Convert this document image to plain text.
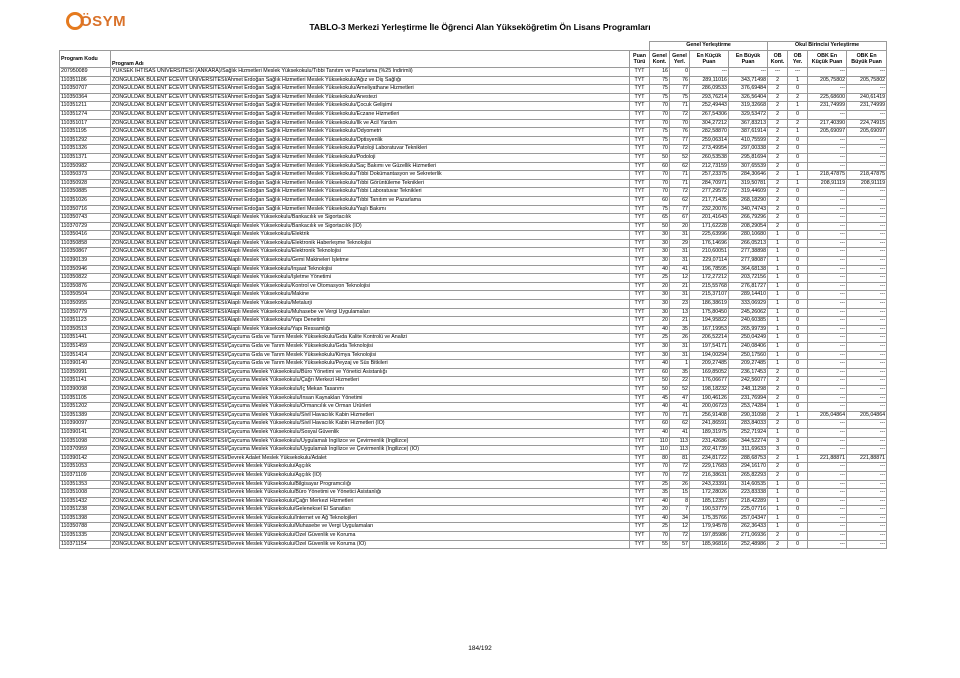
ÖSYM	TABLO-3 Merkezi Yerleştirme İle Öğrenci Alan Yükseköğretim Ön Lisans Programları
			Genel Yerleştirme				Okul Birincisi Yerleştirme			
Program Kodu	Program Adı	Puan Türü	Genel Kont.	Genel Yerl.	En Küçük Puan	En Büyük Puan	OB Kont.	OB Yer.	OBK En Küçük Puan	OBK En Büyük Puan
207950089	YÜKSEK İHTİSAS ÜNİVERSİTESİ (ANKARA)/Sağlık Hizmetleri Meslek Yüksekokulu/Tıbbi Tanıtım ve Pazarlama (%25 İndirimli)	TYT	16	0	---	---	---	---	---	---
110351186	ZONGULDAK BÜLENT ECEVİT ÜNİVERSİTESİ/Ahmet Erdoğan Sağlık Hizmetleri Meslek Yüksekokulu/Ağız ve Diş Sağlığı	TYT	75	76	289,11016	343,71498	2	1	205,75802	205,75802
110350707	ZONGULDAK BÜLENT ECEVİT ÜNİVERSİTESİ/Ahmet Erdoğan Sağlık Hizmetleri Meslek Yüksekokulu/Ameliyathane Hizmetleri	TYT	75	77	286,09533	376,69484	2	0	---	---
110350364	ZONGULDAK BÜLENT ECEVİT ÜNİVERSİTESİ/Ahmet Erdoğan Sağlık Hizmetleri Meslek Yüksekokulu/Anestezi	TYT	75	75	293,76214	326,56404	2	2	225,68600	240,61419
110351211	ZONGULDAK BÜLENT ECEVİT ÜNİVERSİTESİ/Ahmet Erdoğan Sağlık Hizmetleri Meslek Yüksekokulu/Çocuk Gelişimi	TYT	70	71	252,49443	319,32668	2	1	231,74999	231,74999
110351274	ZONGULDAK BÜLENT ECEVİT ÜNİVERSİTESİ/Ahmet Erdoğan Sağlık Hizmetleri Meslek Yüksekokulu/Eczane Hizmetleri	TYT	70	72	267,54306	329,53472	2	0	---	---
110351017	ZONGULDAK BÜLENT ECEVİT ÜNİVERSİTESİ/Ahmet Erdoğan Sağlık Hizmetleri Meslek Yüksekokulu/İlk ve Acil Yardım	TYT	70	70	304,27212	367,83213	2	2	217,40390	224,74915
110351195	ZONGULDAK BÜLENT ECEVİT ÜNİVERSİTESİ/Ahmet Erdoğan Sağlık Hizmetleri Meslek Yüksekokulu/Odyometri	TYT	75	76	282,58870	387,61914	2	1	205,69097	205,69097
110351292	ZONGULDAK BÜLENT ECEVİT ÜNİVERSİTESİ/Ahmet Erdoğan Sağlık Hizmetleri Meslek Yüksekokulu/Optisyenlik	TYT	75	77	259,06314	410,75599	2	0	---	---
110351326	ZONGULDAK BÜLENT ECEVİT ÜNİVERSİTESİ/Ahmet Erdoğan Sağlık Hizmetleri Meslek Yüksekokulu/Patoloji Laboratuvar Teknikleri	TYT	70	72	273,49954	297,00338	2	0	---	---
110351371	ZONGULDAK BÜLENT ECEVİT ÜNİVERSİTESİ/Ahmet Erdoğan Sağlık Hizmetleri Meslek Yüksekokulu/Podoloji	TYT	50	52	260,53538	295,81694	2	0	---	---
110350982	ZONGULDAK BÜLENT ECEVİT ÜNİVERSİTESİ/Ahmet Erdoğan Sağlık Hizmetleri Meslek Yüksekokulu/Saç Bakımı ve Güzellik Hizmetleri	TYT	60	62	212,73159	307,65539	2	0	---	---
110350373	ZONGULDAK BÜLENT ECEVİT ÜNİVERSİTESİ/Ahmet Erdoğan Sağlık Hizmetleri Meslek Yüksekokulu/Tıbbi Dokümantasyon ve Sekreterlik	TYT	70	71	257,23375	284,30646	2	1	218,47875	218,47875
110350928	ZONGULDAK BÜLENT ECEVİT ÜNİVERSİTESİ/Ahmet Erdoğan Sağlık Hizmetleri Meslek Yüksekokulu/Tıbbi Görüntüleme Teknikleri	TYT	70	71	284,70971	319,50781	2	1	208,91119	208,91119
110350885	ZONGULDAK BÜLENT ECEVİT ÜNİVERSİTESİ/Ahmet Erdoğan Sağlık Hizmetleri Meslek Yüksekokulu/Tıbbi Laboratuvar Teknikleri	TYT	70	72	277,29572	319,44609	2	0	---	---
110351026	ZONGULDAK BÜLENT ECEVİT ÜNİVERSİTESİ/Ahmet Erdoğan Sağlık Hizmetleri Meslek Yüksekokulu/Tıbbi Tanıtım ve Pazarlama	TYT	60	62	217,71435	268,18290	2	0	---	---
110350716	ZONGULDAK BÜLENT ECEVİT ÜNİVERSİTESİ/Ahmet Erdoğan Sağlık Hizmetleri Meslek Yüksekokulu/Yaşlı Bakımı	TYT	75	77	232,20076	340,74743	2	0	---	---
110350743	ZONGULDAK BÜLENT ECEVİT ÜNİVERSİTESİ/Alaplı Meslek Yüksekokulu/Bankacılık ve Sigortacılık	TYT	65	67	201,41643	266,79296	2	0	---	---
110370729	ZONGULDAK BÜLENT ECEVİT ÜNİVERSİTESİ/Alaplı Meslek Yüksekokulu/Bankacılık ve Sigortacılık (İÖ)	TYT	50	20	171,62228	208,29054	2	0	---	---
110350416	ZONGULDAK BÜLENT ECEVİT ÜNİVERSİTESİ/Alaplı Meslek Yüksekokulu/Elektrik	TYT	30	31	225,63996	280,10680	1	0	---	---
110350858	ZONGULDAK BÜLENT ECEVİT ÜNİVERSİTESİ/Alaplı Meslek Yüksekokulu/Elektronik Haberleşme Teknolojisi	TYT	30	29	176,14696	266,05213	1	0	---	---
110350867	ZONGULDAK BÜLENT ECEVİT ÜNİVERSİTESİ/Alaplı Meslek Yüksekokulu/Elektronik Teknolojisi	TYT	30	31	210,60051	277,38898	1	0	---	---
110390139	ZONGULDAK BÜLENT ECEVİT ÜNİVERSİTESİ/Alaplı Meslek Yüksekokulu/Gemi Makineleri İşletme	TYT	30	31	229,07114	277,98087	1	0	---	---
110350946	ZONGULDAK BÜLENT ECEVİT ÜNİVERSİTESİ/Alaplı Meslek Yüksekokulu/İnşaat Teknolojisi	TYT	40	41	196,78595	364,68138	1	0	---	---
110350822	ZONGULDAK BÜLENT ECEVİT ÜNİVERSİTESİ/Alaplı Meslek Yüksekokulu/İşletme Yönetimi	TYT	25	12	172,27212	203,72156	1	0	---	---
110350876	ZONGULDAK BÜLENT ECEVİT ÜNİVERSİTESİ/Alaplı Meslek Yüksekokulu/Kontrol ve Otomasyon Teknolojisi	TYT	20	21	215,55768	276,81727	1	0	---	---
110350504	ZONGULDAK BÜLENT ECEVİT ÜNİVERSİTESİ/Alaplı Meslek Yüksekokulu/Makine	TYT	30	31	215,37107	289,14410	1	0	---	---
110350955	ZONGULDAK BÜLENT ECEVİT ÜNİVERSİTESİ/Alaplı Meslek Yüksekokulu/Metalurji	TYT	30	23	186,38619	333,06929	1	0	---	---
110350779	ZONGULDAK BÜLENT ECEVİT ÜNİVERSİTESİ/Alaplı Meslek Yüksekokulu/Muhasebe ve Vergi Uygulamaları	TYT	30	13	175,80450	245,26062	1	0	---	---
110351123	ZONGULDAK BÜLENT ECEVİT ÜNİVERSİTESİ/Alaplı Meslek Yüksekokulu/Yapı Denetimi	TYT	20	21	194,95822	240,60385	1	0	---	---
110350513	ZONGULDAK BÜLENT ECEVİT ÜNİVERSİTESİ/Alaplı Meslek Yüksekokulu/Yapı Ressamlığı	TYT	40	35	167,19953	265,99739	1	0	---	---
110351441	ZONGULDAK BÜLENT ECEVİT ÜNİVERSİTESİ/Çaycuma Gıda ve Tarım Meslek Yüksekokulu/Gıda Kalite Kontrolü ve Analizi	TYT	25	26	206,52214	250,04249	1	0	---	---
110351459	ZONGULDAK BÜLENT ECEVİT ÜNİVERSİTESİ/Çaycuma Gıda ve Tarım Meslek Yüksekokulu/Gıda Teknolojisi	TYT	30	31	197,54171	240,08406	1	0	---	---
110351414	ZONGULDAK BÜLENT ECEVİT ÜNİVERSİTESİ/Çaycuma Gıda ve Tarım Meslek Yüksekokulu/Kimya Teknolojisi	TYT	30	31	194,00294	250,17560	1	0	---	---
110390140	ZONGULDAK BÜLENT ECEVİT ÜNİVERSİTESİ/Çaycuma Gıda ve Tarım Meslek Yüksekokulu/Peyzaj ve Süs Bitkileri	TYT	40	1	209,27485	209,27485	1	0	---	---
110350991	ZONGULDAK BÜLENT ECEVİT ÜNİVERSİTESİ/Çaycuma Meslek Yüksekokulu/Büro Yönetimi ve Yönetici Asistanlığı	TYT	60	35	169,85052	236,17453	2	0	---	---
110351141	ZONGULDAK BÜLENT ECEVİT ÜNİVERSİTESİ/Çaycuma Meslek Yüksekokulu/Çağrı Merkezi Hizmetleri	TYT	50	22	176,06677	242,56077	2	0	---	---
110390098	ZONGULDAK BÜLENT ECEVİT ÜNİVERSİTESİ/Çaycuma Meslek Yüksekokulu/İç Mekan Tasarımı	TYT	50	52	198,18232	248,11298	2	0	---	---
110351105	ZONGULDAK BÜLENT ECEVİT ÜNİVERSİTESİ/Çaycuma Meslek Yüksekokulu/İnsan Kaynakları Yönetimi	TYT	45	47	190,46126	231,76994	2	0	---	---
110351202	ZONGULDAK BÜLENT ECEVİT ÜNİVERSİTESİ/Çaycuma Meslek Yüksekokulu/Ormancılık ve Orman Ürünleri	TYT	40	41	200,06723	253,74284	1	0	---	---
110351389	ZONGULDAK BÜLENT ECEVİT ÜNİVERSİTESİ/Çaycuma Meslek Yüksekokulu/Sivil Havacılık Kabin Hizmetleri	TYT	70	71	256,91408	290,31098	2	1	205,04864	205,04864
110390097	ZONGULDAK BÜLENT ECEVİT ÜNİVERSİTESİ/Çaycuma Meslek Yüksekokulu/Sivil Havacılık Kabin Hizmetleri (İÖ)	TYT	60	62	241,86591	283,84033	2	0	---	---
110390141	ZONGULDAK BÜLENT ECEVİT ÜNİVERSİTESİ/Çaycuma Meslek Yüksekokulu/Sosyal Güvenlik	TYT	40	41	189,31975	252,71924	1	0	---	---
110351098	ZONGULDAK BÜLENT ECEVİT ÜNİVERSİTESİ/Çaycuma Meslek Yüksekokulu/Uygulamalı İngilizce ve Çevirmenlik (İngilizce)	TYT	110	113	231,42686	344,52274	3	0	---	---
110370959	ZONGULDAK BÜLENT ECEVİT ÜNİVERSİTESİ/Çaycuma Meslek Yüksekokulu/Uygulamalı İngilizce ve Çevirmenlik (İngilizce) (İÖ)	TYT	110	113	202,41739	311,69633	3	0	---	---
110390142	ZONGULDAK BÜLENT ECEVİT ÜNİVERSİTESİ/Devrek Adalet Meslek Yüksekokulu/Adalet	TYT	80	81	234,81722	288,68753	2	1	221,88871	221,88871
110351053	ZONGULDAK BÜLENT ECEVİT ÜNİVERSİTESİ/Devrek Meslek Yüksekokulu/Aşçılık	TYT	70	72	229,17683	294,16170	2	0	---	---
110371109	ZONGULDAK BÜLENT ECEVİT ÜNİVERSİTESİ/Devrek Meslek Yüksekokulu/Aşçılık (İÖ)	TYT	70	72	216,38631	265,82293	2	0	---	---
110351353	ZONGULDAK BÜLENT ECEVİT ÜNİVERSİTESİ/Devrek Meslek Yüksekokulu/Bilgisayar Programcılığı	TYT	25	26	243,23391	314,60535	1	0	---	---
110351008	ZONGULDAK BÜLENT ECEVİT ÜNİVERSİTESİ/Devrek Meslek Yüksekokulu/Büro Yönetimi ve Yönetici Asistanlığı	TYT	35	15	172,28026	223,83338	1	0	---	---
110351432	ZONGULDAK BÜLENT ECEVİT ÜNİVERSİTESİ/Devrek Meslek Yüksekokulu/Çağrı Merkezi Hizmetleri	TYT	40	8	185,12357	218,42289	1	0	---	---
110351238	ZONGULDAK BÜLENT ECEVİT ÜNİVERSİTESİ/Devrek Meslek Yüksekokulu/Geleneksel El Sanatları	TYT	20	7	190,53779	225,07716	1	0	---	---
110351398	ZONGULDAK BÜLENT ECEVİT ÜNİVERSİTESİ/Devrek Meslek Yüksekokulu/İnternet ve Ağ Teknolojileri	TYT	40	34	175,35766	257,04347	1	0	---	---
110350788	ZONGULDAK BÜLENT ECEVİT ÜNİVERSİTESİ/Devrek Meslek Yüksekokulu/Muhasebe ve Vergi Uygulamaları	TYT	25	12	179,94578	262,36433	1	0	---	---
110351335	ZONGULDAK BÜLENT ECEVİT ÜNİVERSİTESİ/Devrek Meslek Yüksekokulu/Özel Güvenlik ve Koruma	TYT	70	72	197,85986	271,06936	2	0	---	---
110371154	ZONGULDAK BÜLENT ECEVİT ÜNİVERSİTESİ/Devrek Meslek Yüksekokulu/Özel Güvenlik ve Koruma (İÖ)	TYT	55	57	185,96816	252,48986	2	0	---	---
184/192
